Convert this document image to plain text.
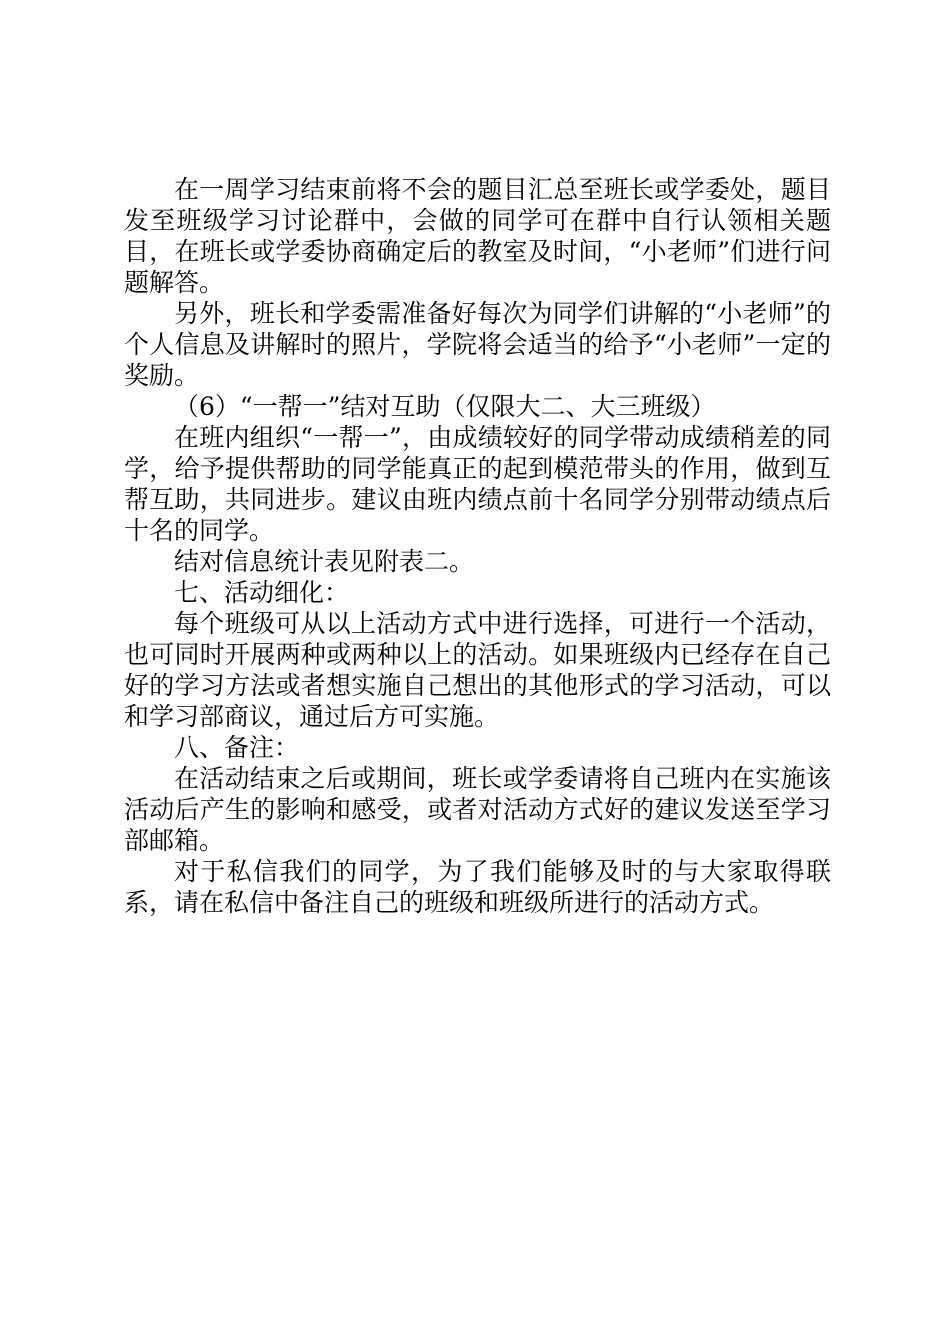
在一周学习结束前将不会的题目汇总至班长或学委处，题目发至班级学习讨论群中，会做的同学可在群中自行认领相关题目，在班长或学委协商确定后的教室及时间，“小老师”们进行问题解答。

另外，班长和学委需准备好每次为同学们讲解的“小老师”的个人信息及讲解时的照片，学院将会适当的给予“小老师”一定的奖励。

（6）“一帮一”结对互助（仅限大二、大三班级）

在班内组织“一帮一”，由成绩较好的同学带动成绩稍差的同学，给予提供帮助的同学能真正的起到模范带头的作用，做到互帮互助，共同进步。建议由班内绩点前十名同学分别带动绩点后十名的同学。

结对信息统计表见附表二。

七、活动细化：

每个班级可从以上活动方式中进行选择，可进行一个活动，也可同时开展两种或两种以上的活动。如果班级内已经存在自己好的学习方法或者想实施自己想出的其他形式的学习活动，可以和学习部商议，通过后方可实施。

八、备注：

在活动结束之后或期间，班长或学委请将自己班内在实施该活动后产生的影响和感受，或者对活动方式好的建议发送至学习部邮箱。

对于私信我们的同学，为了我们能够及时的与大家取得联系，请在私信中备注自己的班级和班级所进行的活动方式。
